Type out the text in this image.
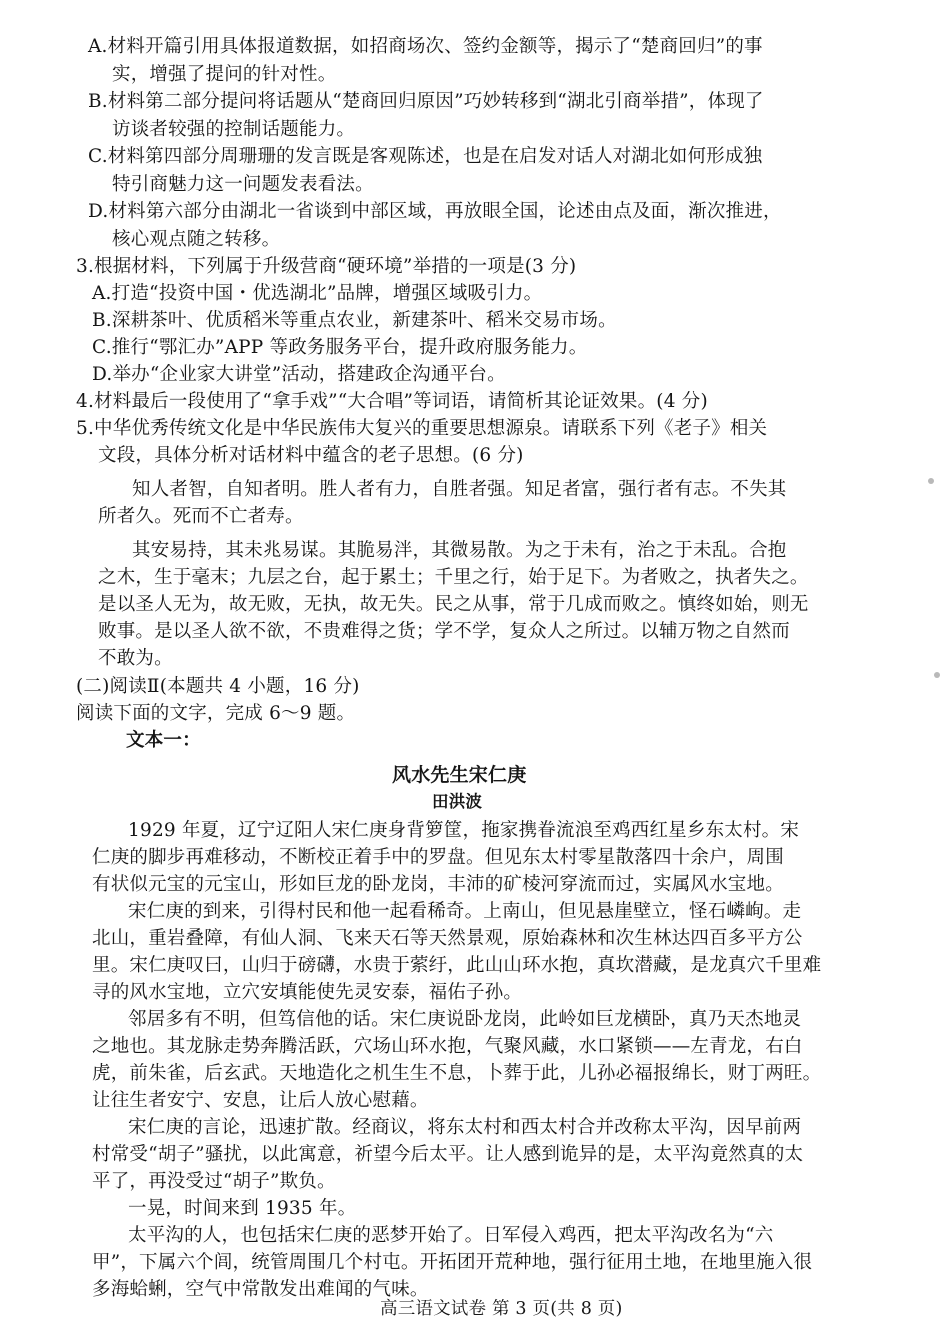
A.材料开篇引用具体报道数据，如招商场次、签约金额等，揭示了“楚商回归”的事
实，增强了提问的针对性。
B.材料第二部分提问将话题从“楚商回归原因”巧妙转移到“湖北引商举措”，体现了
访谈者较强的控制话题能力。
C.材料第四部分周珊珊的发言既是客观陈述，也是在启发对话人对湖北如何形成独
特引商魅力这一问题发表看法。
D.材料第六部分由湖北一省谈到中部区域，再放眼全国，论述由点及面，渐次推进，
核心观点随之转移。
3.根据材料，下列属于升级营商“硬环境”举措的一项是(3 分)
A.打造“投资中国・优选湖北”品牌，增强区域吸引力。
B.深耕茶叶、优质稻米等重点农业，新建茶叶、稻米交易市场。
C.推行“鄂汇办”APP 等政务服务平台，提升政府服务能力。
D.举办“企业家大讲堂”活动，搭建政企沟通平台。
4.材料最后一段使用了“拿手戏”“大合唱”等词语，请简析其论证效果。(4 分)
5.中华优秀传统文化是中华民族伟大复兴的重要思想源泉。请联系下列《老子》相关
文段，具体分析对话材料中蕴含的老子思想。(6 分)
知人者智，自知者明。胜人者有力，自胜者强。知足者富，强行者有志。不失其
所者久。死而不亡者寿。
其安易持，其未兆易谋。其脆易泮，其微易散。为之于未有，治之于未乱。合抱
之木，生于毫末；九层之台，起于累土；千里之行，始于足下。为者败之，执者失之。
是以圣人无为，故无败，无执，故无失。民之从事，常于几成而败之。慎终如始，则无
败事。是以圣人欲不欲，不贵难得之货；学不学，复众人之所过。以辅万物之自然而
不敢为。
(二)阅读Ⅱ(本题共 4 小题，16 分)
阅读下面的文字，完成 6～9 题。
文本一：
风水先生宋仁庚
田洪波
1929 年夏，辽宁辽阳人宋仁庚身背箩筐，拖家携眷流浪至鸡西红星乡东太村。宋
仁庚的脚步再难移动，不断校正着手中的罗盘。但见东太村零星散落四十余户，周围
有状似元宝的元宝山，形如巨龙的卧龙岗，丰沛的矿棱河穿流而过，实属风水宝地。
宋仁庚的到来，引得村民和他一起看稀奇。上南山，但见悬崖壁立，怪石嶙峋。走
北山，重岩叠障，有仙人洞、飞来天石等天然景观，原始森林和次生林达四百多平方公
里。宋仁庚叹曰，山归于磅礴，水贵于萦纡，此山山环水抱，真坎潜藏，是龙真穴千里难
寻的风水宝地，立穴安填能使先灵安泰，福佑子孙。
邻居多有不明，但笃信他的话。宋仁庚说卧龙岗，此岭如巨龙横卧，真乃天杰地灵
之地也。其龙脉走势奔腾活跃，穴场山环水抱，气聚风藏，水口紧锁——左青龙，右白
虎，前朱雀，后玄武。天地造化之机生生不息，卜葬于此，儿孙必福报绵长，财丁两旺。
让往生者安宁、安息，让后人放心慰藉。
宋仁庚的言论，迅速扩散。经商议，将东太村和西太村合并改称太平沟，因早前两
村常受“胡子”骚扰，以此寓意，祈望今后太平。让人感到诡异的是，太平沟竟然真的太
平了，再没受过“胡子”欺负。
一晃，时间来到 1935 年。
太平沟的人，也包括宋仁庚的恶梦开始了。日军侵入鸡西，把太平沟改名为“六
甲”，下属六个闾，统管周围几个村屯。开拓团开荒种地，强行征用土地，在地里施入很
多海蛤蜊，空气中常散发出难闻的气味。
高三语文试卷 第 3 页(共 8 页)
